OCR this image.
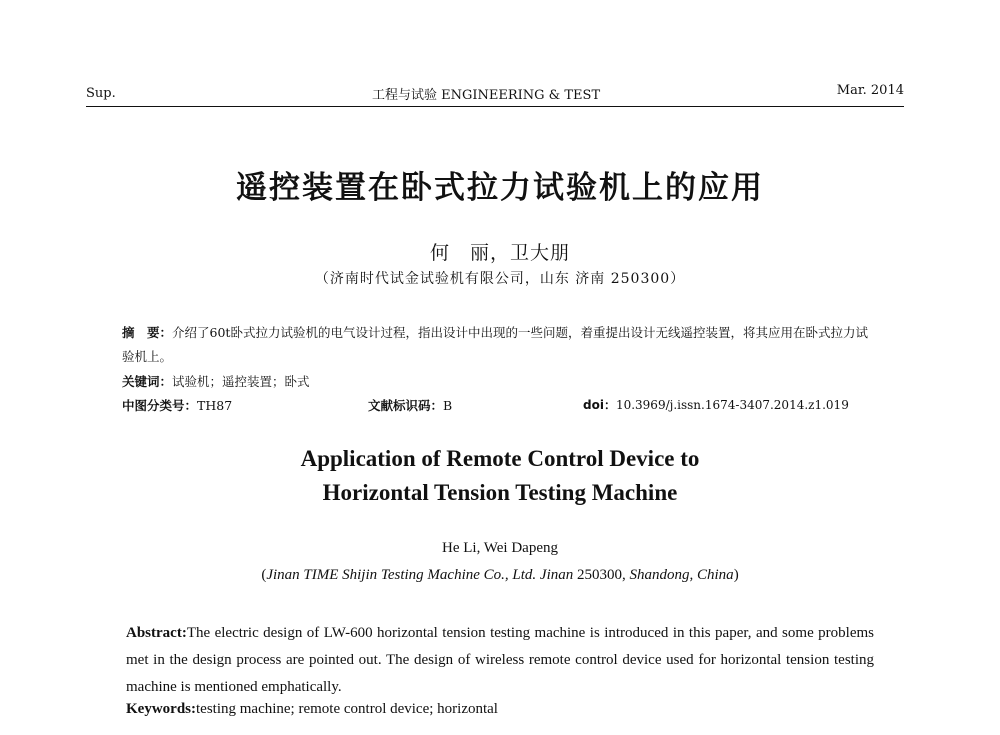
Sup.	工程与试验 ENGINEERING & TEST	Mar. 2014
遥控装置在卧式拉力试验机上的应用
何　丽，卫大朋
（济南时代试金试验机有限公司，山东 济南 250300）
摘　要：介绍了60t卧式拉力试验机的电气设计过程，指出设计中出现的一些问题，着重提出设计无线遥控装置，将其应用在卧式拉力试验机上。
关键词：试验机；遥控装置；卧式
中图分类号：TH87	文献标识码：B	doi：10.3969/j.issn.1674-3407.2014.z1.019
Application of Remote Control Device to
Horizontal Tension Testing Machine
He Li, Wei Dapeng
(Jinan TIME Shijin Testing Machine Co., Ltd. Jinan 250300, Shandong, China)
Abstract:The electric design of LW-600 horizontal tension testing machine is introduced in this paper, and some problems met in the design process are pointed out. The design of wireless remote control device used for horizontal tension testing machine is mentioned emphatically.
Keywords:testing machine; remote control device; horizontal
